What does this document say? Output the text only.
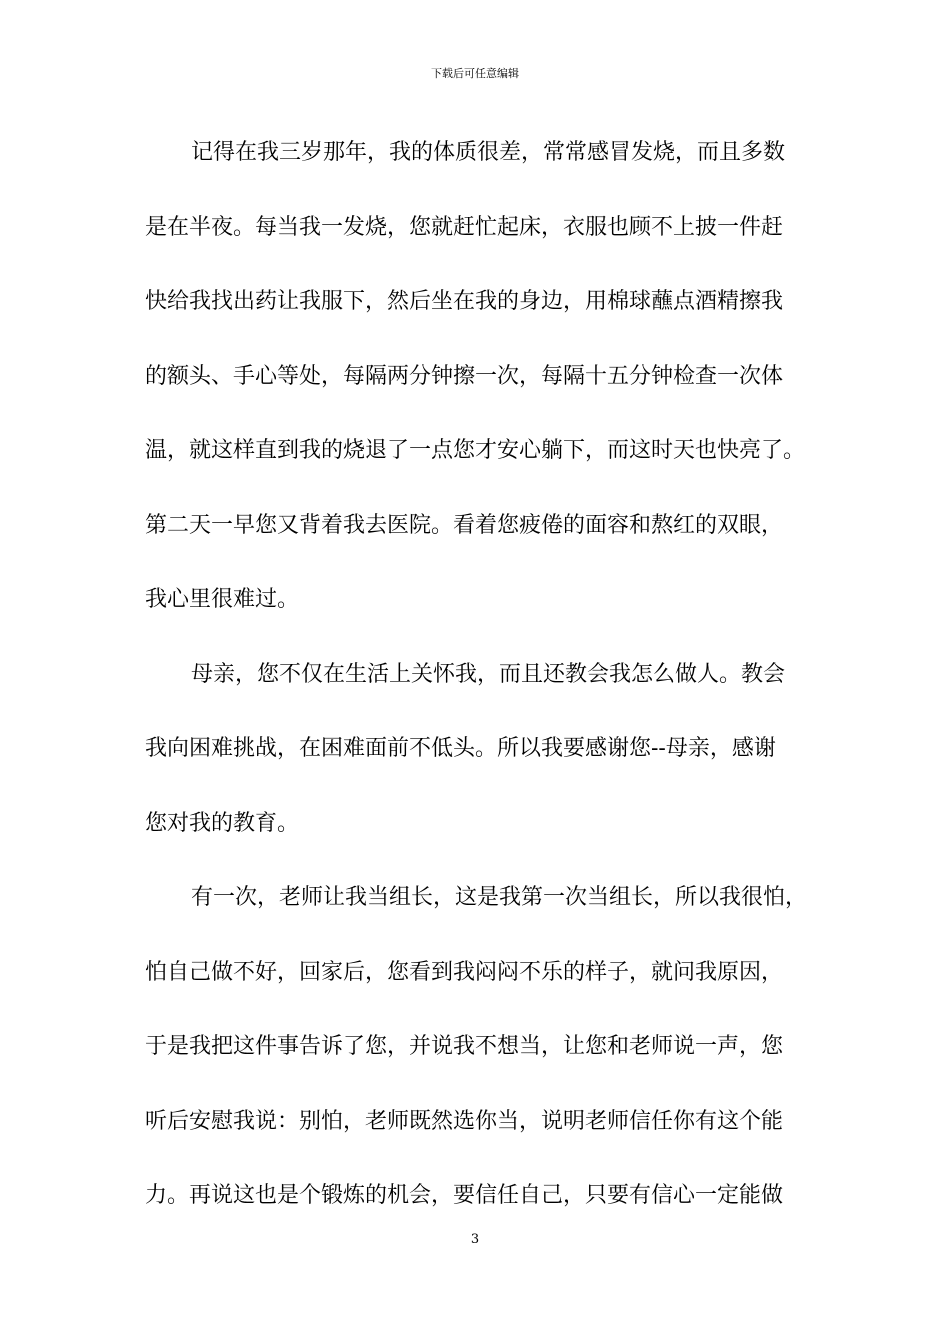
下载后可任意编辑
记得在我三岁那年，我的体质很差，常常感冒发烧，而且多数
是在半夜。每当我一发烧，您就赶忙起床，衣服也顾不上披一件赶
快给我找出药让我服下，然后坐在我的身边，用棉球蘸点酒精擦我
的额头、手心等处，每隔两分钟擦一次，每隔十五分钟检查一次体
温，就这样直到我的烧退了一点您才安心躺下，而这时天也快亮了。
第二天一早您又背着我去医院。看着您疲倦的面容和熬红的双眼，
我心里很难过。
母亲，您不仅在生活上关怀我，而且还教会我怎么做人。教会
我向困难挑战，在困难面前不低头。所以我要感谢您--母亲，感谢
您对我的教育。
有一次，老师让我当组长，这是我第一次当组长，所以我很怕，
怕自己做不好，回家后，您看到我闷闷不乐的样子，就问我原因，
于是我把这件事告诉了您，并说我不想当，让您和老师说一声，您
听后安慰我说：别怕，老师既然选你当，说明老师信任你有这个能
力。再说这也是个锻炼的机会，要信任自己，只要有信心一定能做
3
